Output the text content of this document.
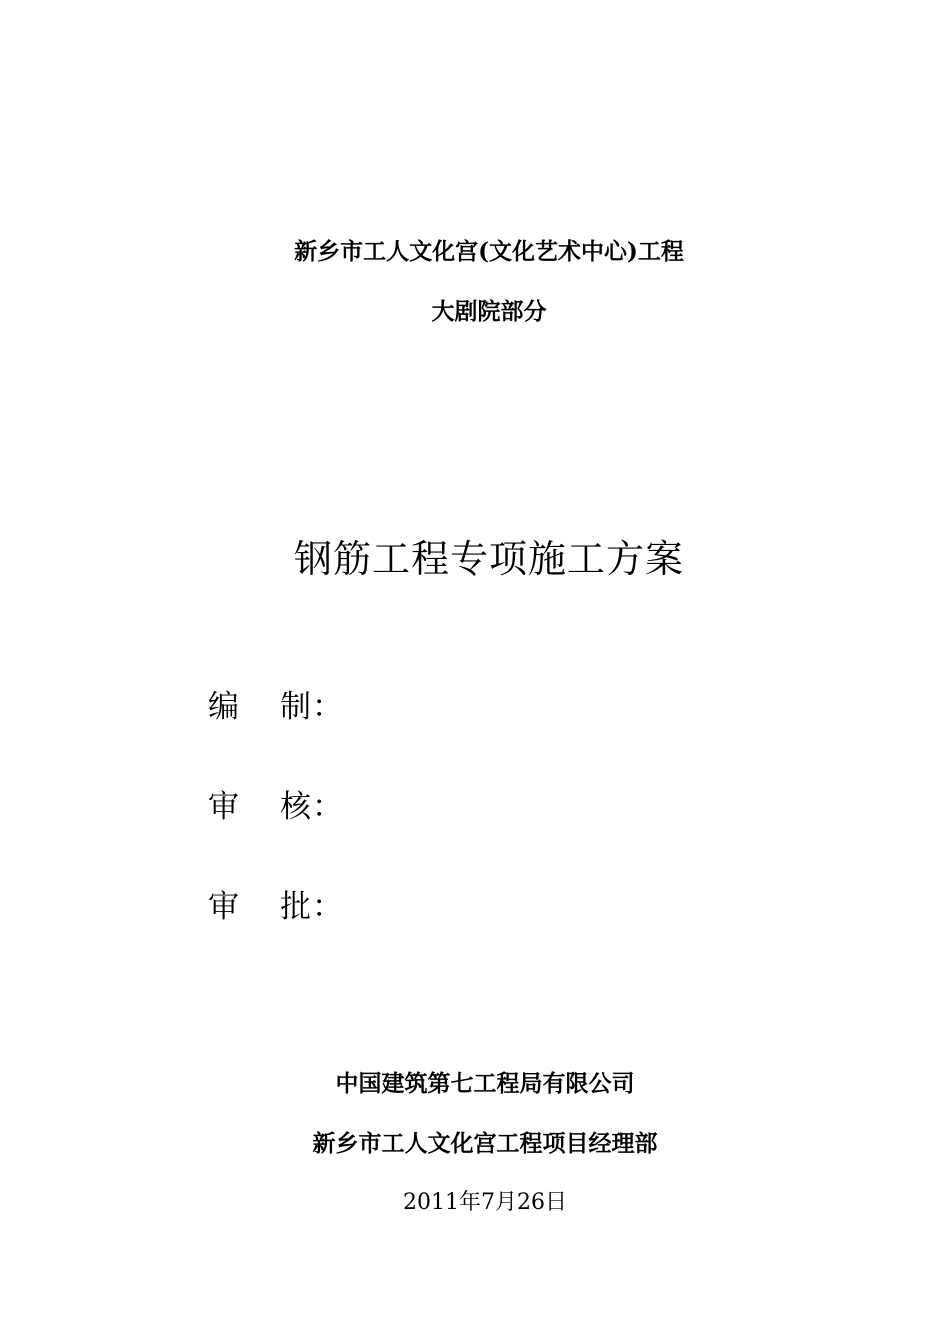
新乡市工人文化宫(文化艺术中心)工程
大剧院部分
钢筋工程专项施工方案
编 制 ：
审 核 ：
审 批 ：
中国建筑第七工程局有限公司
新乡市工人文化宫工程项目经理部
2011年7月26日
